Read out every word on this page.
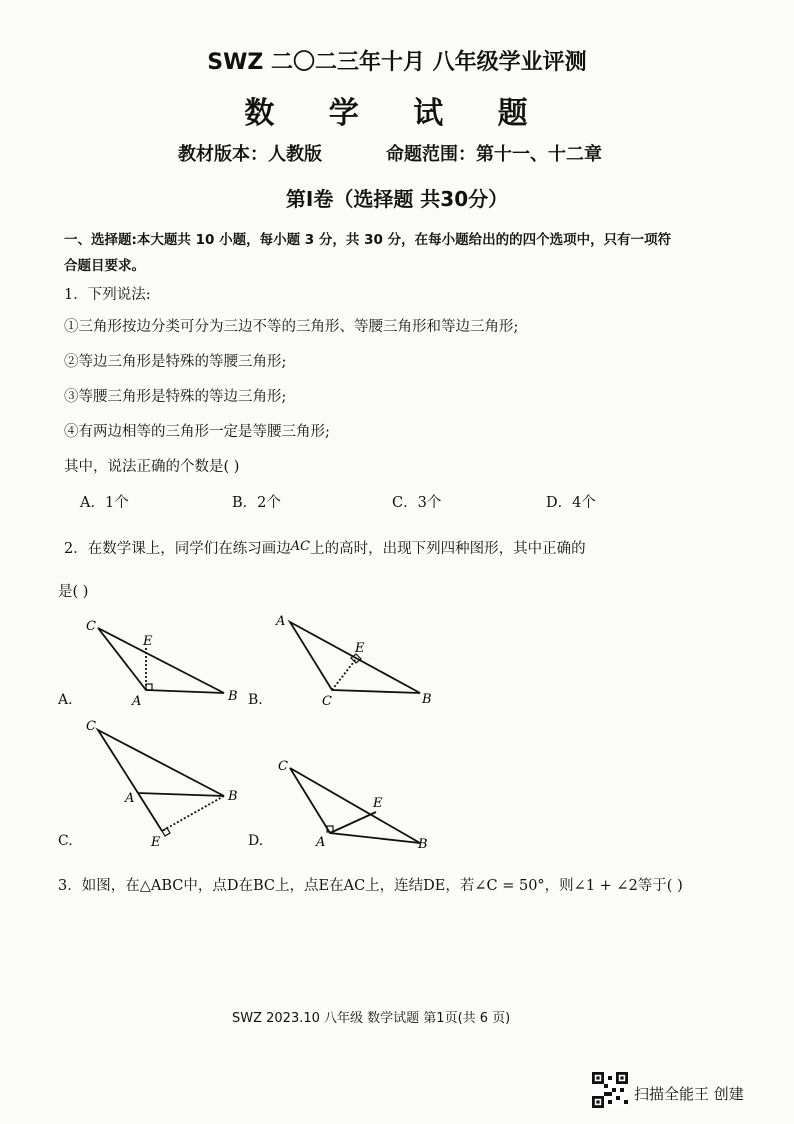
SWZ 二〇二三年十月 八年级学业评测
数 学 试 题
教材版本：人教版	命题范围：第十一、十二章
第Ⅰ卷（选择题 共30分）
一、选择题:本大题共 10 小题，每小题 3 分，共 30 分，在每小题给出的的四个选项中，只有一项符
合题目要求。
1．下列说法:
①三角形按边分类可分为三边不等的三角形、等腰三角形和等边三角形;
②等边三角形是特殊的等腰三角形;
③等腰三角形是特殊的等边三角形;
④有两边相等的三角形一定是等腰三角形;
其中，说法正确的个数是( )
A．1个	B．2个	C．3个	D．4个
2．在数学课上，同学们在练习画边AC上的高时，出现下列四种图形，其中正确的
是( )
A.	B.
C.	D.
C
E
A	B
A
E
C	B
C
A	B
E
C
E
A	B
3．如图，在△ABC中，点D在BC上，点E在AC上，连结DE，若∠C = 50°，则∠1 + ∠2等于( )
SWZ 2023.10 八年级 数学试题 第1页(共 6 页)
扫描全能王 创建
